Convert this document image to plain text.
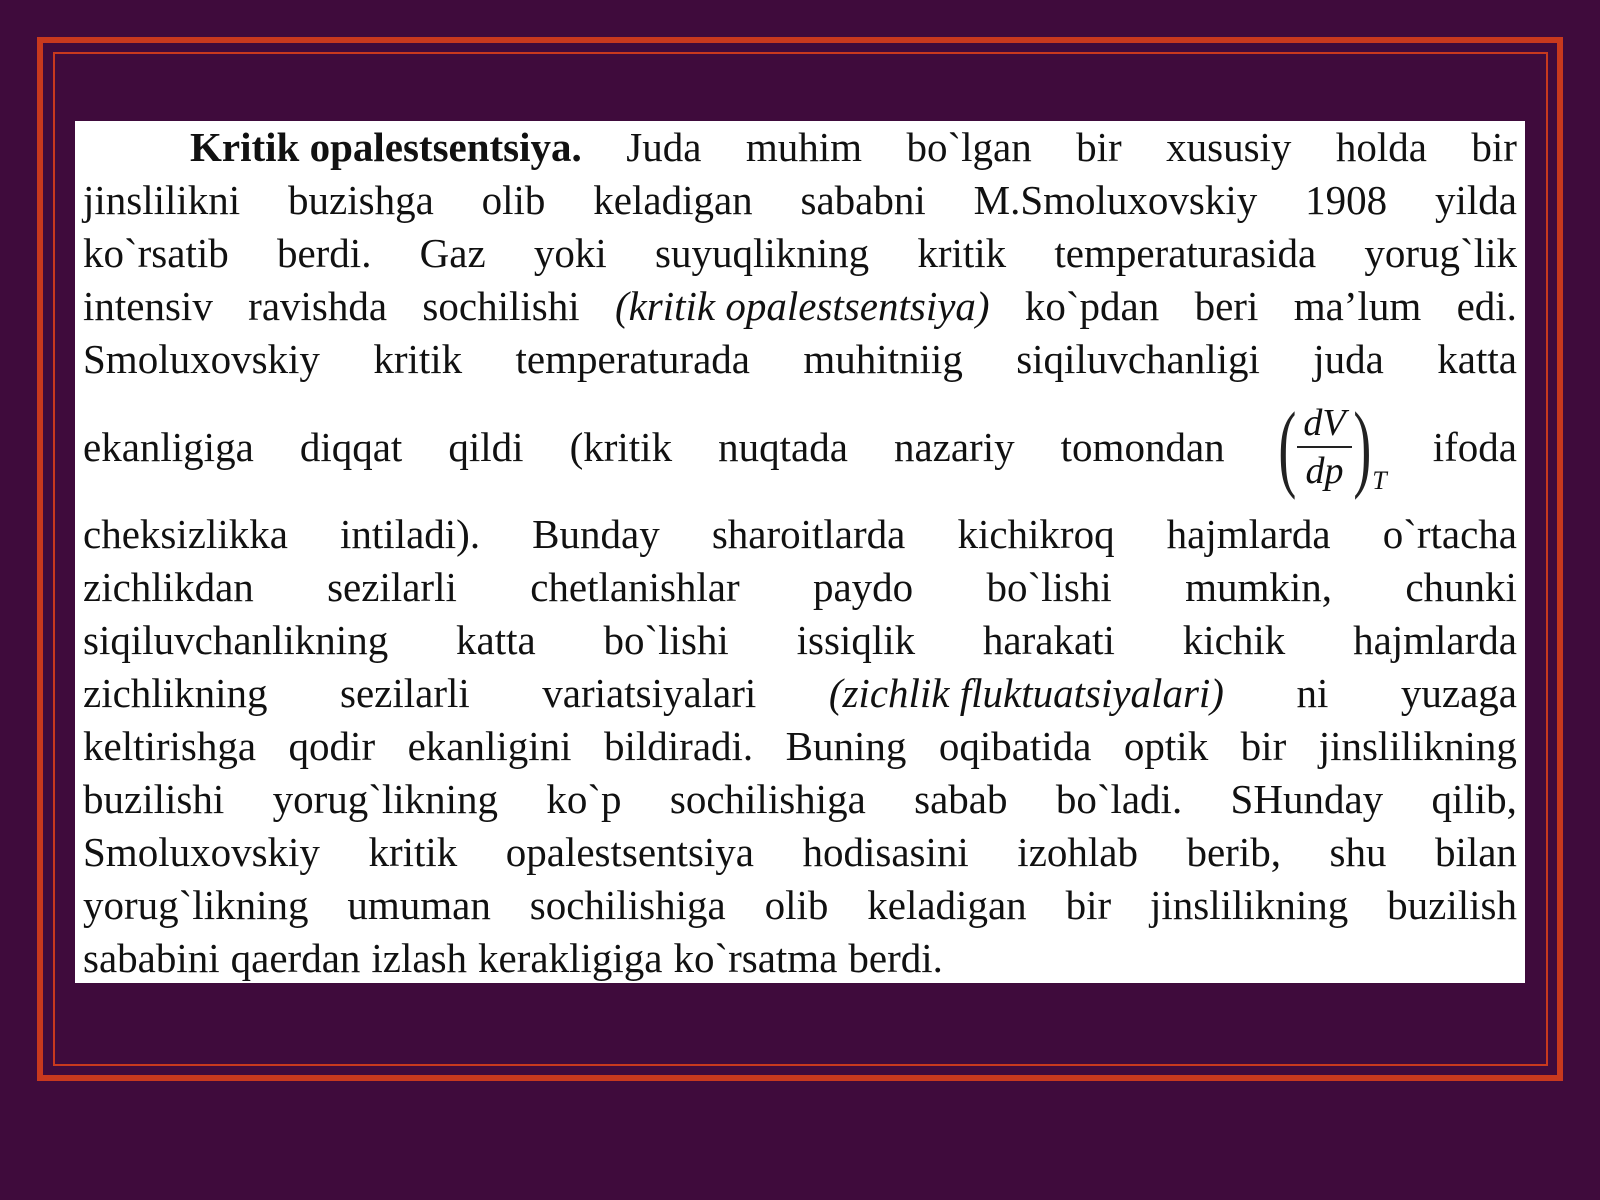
Kritik opalestsentsiya. Juda muhim bo`lgan bir xususiy holda bir
jinslilikni buzishga olib keladigan sababni M.Smoluxovskiy 1908 yilda
ko`rsatib berdi. Gaz yoki suyuqlikning kritik temperaturasida yorug`lik
intensiv ravishda sochilishi (kritik opalestsentsiya) ko`pdan beri ma’lum edi.
Smoluxovskiy kritik temperaturada muhitniig siqiluvchanligi juda katta
ekanligiga diqqat qildi (kritik nuqtada nazariy tomondan ( $\frac{dV}{dp}$ ) T
ifoda
cheksizlikka intiladi). Bunday sharoitlarda kichikroq hajmlarda o`rtacha
zichlikdan sezilarli chetlanishlar paydo bo`lishi mumkin, chunki
siqiluvchanlikning katta bo`lishi issiqlik harakati kichik hajmlarda
zichlikning sezilarli variatsiyalari (zichlik fluktuatsiyalari) ni yuzaga
keltirishga qodir ekanligini bildiradi. Buning oqibatida optik bir jinslilikning
buzilishi yorug`likning ko`p sochilishiga sabab bo`ladi. SHunday qilib,
Smoluxovskiy kritik opalestsentsiya hodisasini izohlab berib, shu bilan
yorug`likning umuman sochilishiga olib keladigan bir jinslilikning buzilish
sababini qaerdan izlash kerakligiga ko`rsatma berdi.
